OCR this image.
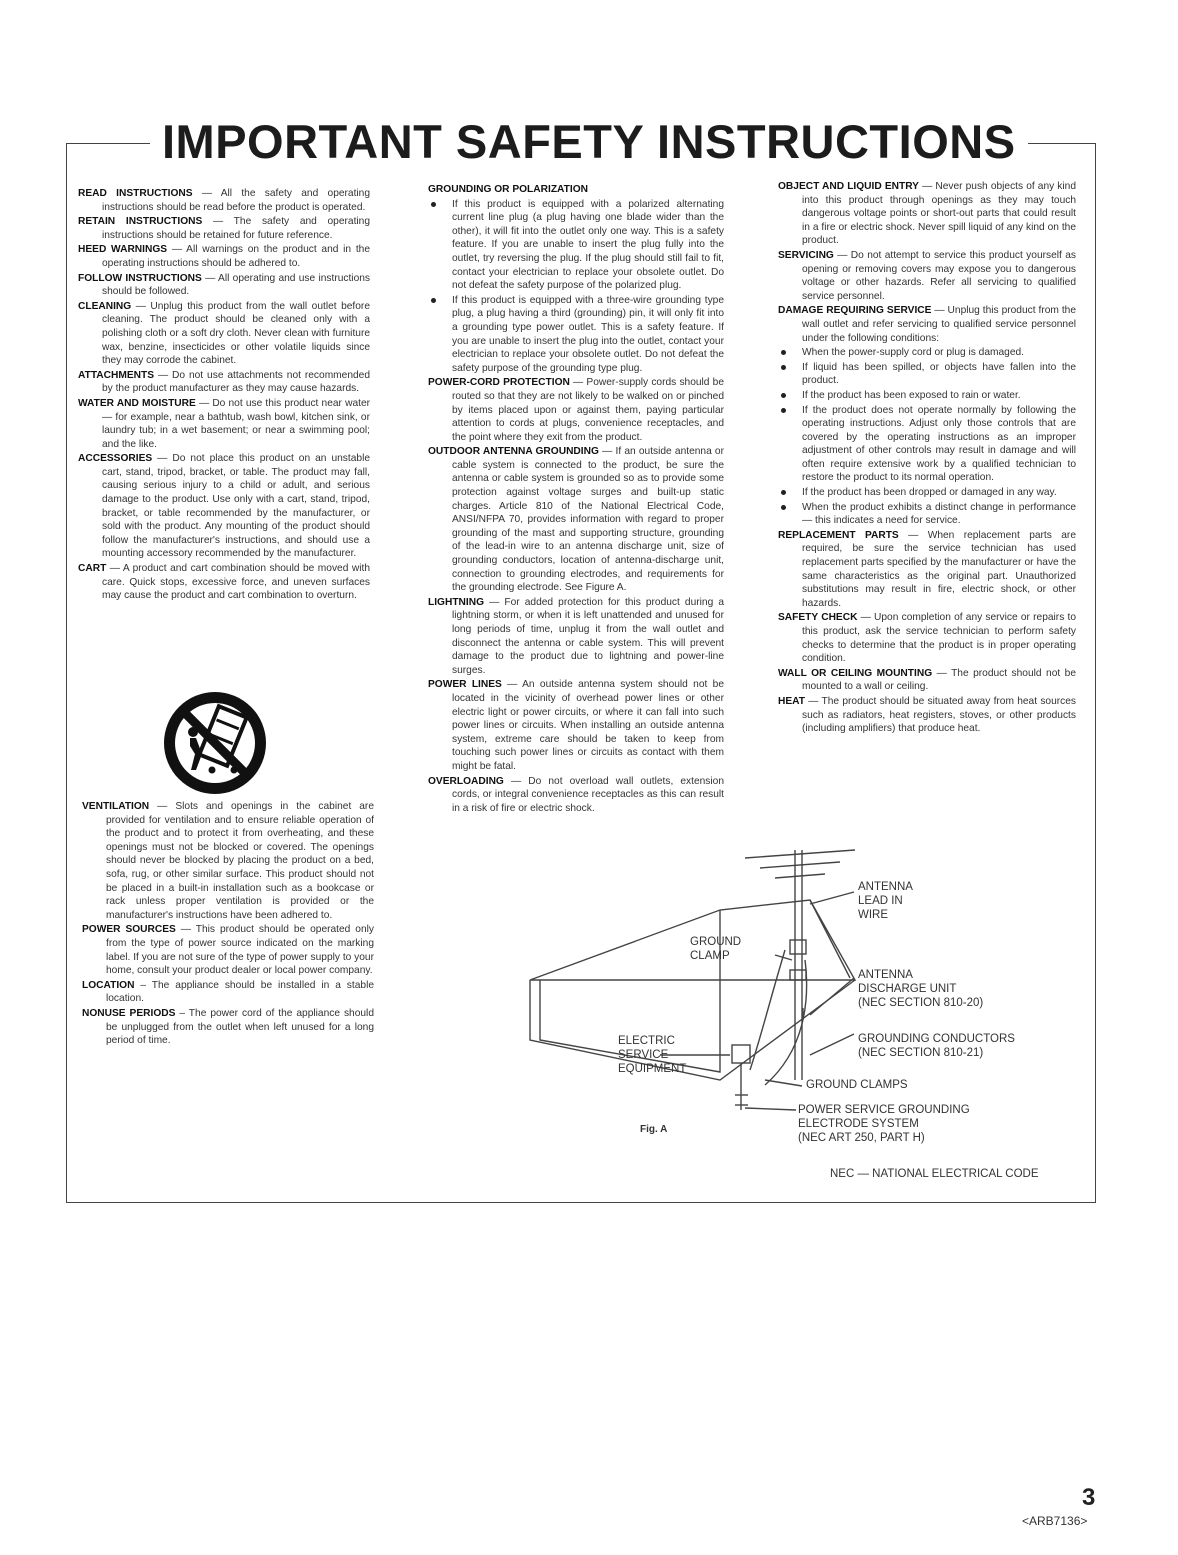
IMPORTANT SAFETY INSTRUCTIONS
READ INSTRUCTIONS — All the safety and operating instructions should be read before the product is operated.
RETAIN INSTRUCTIONS — The safety and operating instructions should be retained for future reference.
HEED WARNINGS — All warnings on the product and in the operating instructions should be adhered to.
FOLLOW INSTRUCTIONS — All operating and use instructions should be followed.
CLEANING — Unplug this product from the wall outlet before cleaning. The product should be cleaned only with a polishing cloth or a soft dry cloth. Never clean with furniture wax, benzine, insecticides or other volatile liquids since they may corrode the cabinet.
ATTACHMENTS — Do not use attachments not recommended by the product manufacturer as they may cause hazards.
WATER AND MOISTURE — Do not use this product near water — for example, near a bathtub, wash bowl, kitchen sink, or laundry tub; in a wet basement; or near a swimming pool; and the like.
ACCESSORIES — Do not place this product on an unstable cart, stand, tripod, bracket, or table. The product may fall, causing serious injury to a child or adult, and serious damage to the product. Use only with a cart, stand, tripod, bracket, or table recommended by the manufacturer, or sold with the product. Any mounting of the product should follow the manufacturer's instructions, and should use a mounting accessory recommended by the manufacturer.
CART — A product and cart combination should be moved with care. Quick stops, excessive force, and uneven surfaces may cause the product and cart combination to overturn.
VENTILATION — Slots and openings in the cabinet are provided for ventilation and to ensure reliable operation of the product and to protect it from overheating, and these openings must not be blocked or covered. The openings should never be blocked by placing the product on a bed, sofa, rug, or other similar surface. This product should not be placed in a built-in installation such as a bookcase or rack unless proper ventilation is provided or the manufacturer's instructions have been adhered to.
POWER SOURCES — This product should be operated only from the type of power source indicated on the marking label. If you are not sure of the type of power supply to your home, consult your product dealer or local power company.
LOCATION – The appliance should be installed in a stable location.
NONUSE PERIODS – The power cord of the appliance should be unplugged from the outlet when left unused for a long period of time.
GROUNDING OR POLARIZATION
If this product is equipped with a polarized alternating current line plug (a plug having one blade wider than the other), it will fit into the outlet only one way. This is a safety feature. If you are unable to insert the plug fully into the outlet, try reversing the plug. If the plug should still fail to fit, contact your electrician to replace your obsolete outlet. Do not defeat the safety purpose of the polarized plug.
If this product is equipped with a three-wire grounding type plug, a plug having a third (grounding) pin, it will only fit into a grounding type power outlet. This is a safety feature. If you are unable to insert the plug into the outlet, contact your electrician to replace your obsolete outlet. Do not defeat the safety purpose of the grounding type plug.
POWER-CORD PROTECTION — Power-supply cords should be routed so that they are not likely to be walked on or pinched by items placed upon or against them, paying particular attention to cords at plugs, convenience receptacles, and the point where they exit from the product.
OUTDOOR ANTENNA GROUNDING — If an outside antenna or cable system is connected to the product, be sure the antenna or cable system is grounded so as to provide some protection against voltage surges and built-up static charges. Article 810 of the National Electrical Code, ANSI/NFPA 70, provides information with regard to proper grounding of the mast and supporting structure, grounding of the lead-in wire to an antenna discharge unit, size of grounding conductors, location of antenna-discharge unit, connection to grounding electrodes, and requirements for the grounding electrode. See Figure A.
LIGHTNING — For added protection for this product during a lightning storm, or when it is left unattended and unused for long periods of time, unplug it from the wall outlet and disconnect the antenna or cable system. This will prevent damage to the product due to lightning and power-line surges.
POWER LINES — An outside antenna system should not be located in the vicinity of overhead power lines or other electric light or power circuits, or where it can fall into such power lines or circuits. When installing an outside antenna system, extreme care should be taken to keep from touching such power lines or circuits as contact with them might be fatal.
OVERLOADING — Do not overload wall outlets, extension cords, or integral convenience receptacles as this can result in a risk of fire or electric shock.
OBJECT AND LIQUID ENTRY — Never push objects of any kind into this product through openings as they may touch dangerous voltage points or short-out parts that could result in a fire or electric shock. Never spill liquid of any kind on the product.
SERVICING — Do not attempt to service this product yourself as opening or removing covers may expose you to dangerous voltage or other hazards. Refer all servicing to qualified service personnel.
DAMAGE REQUIRING SERVICE — Unplug this product from the wall outlet and refer servicing to qualified service personnel under the following conditions:
When the power-supply cord or plug is damaged.
If liquid has been spilled, or objects have fallen into the product.
If the product has been exposed to rain or water.
If the product does not operate normally by following the operating instructions. Adjust only those controls that are covered by the operating instructions as an improper adjustment of other controls may result in damage and will often require extensive work by a qualified technician to restore the product to its normal operation.
If the product has been dropped or damaged in any way.
When the product exhibits a distinct change in performance — this indicates a need for service.
REPLACEMENT PARTS — When replacement parts are required, be sure the service technician has used replacement parts specified by the manufacturer or have the same characteristics as the original part. Unauthorized substitutions may result in fire, electric shock, or other hazards.
SAFETY CHECK — Upon completion of any service or repairs to this product, ask the service technician to perform safety checks to determine that the product is in proper operating condition.
WALL OR CEILING MOUNTING — The product should not be mounted to a wall or ceiling.
HEAT — The product should be situated away from heat sources such as radiators, heat registers, stoves, or other products (including amplifiers) that produce heat.
ANTENNA
LEAD IN
WIRE
GROUND
CLAMP
ANTENNA
DISCHARGE UNIT
(NEC SECTION 810-20)
GROUNDING CONDUCTORS
(NEC SECTION 810-21)
ELECTRIC
SERVICE
EQUIPMENT
GROUND CLAMPS
POWER SERVICE GROUNDING
ELECTRODE SYSTEM
(NEC ART 250, PART H)
Fig. A
NEC — NATIONAL ELECTRICAL CODE
3
<ARB7136>
